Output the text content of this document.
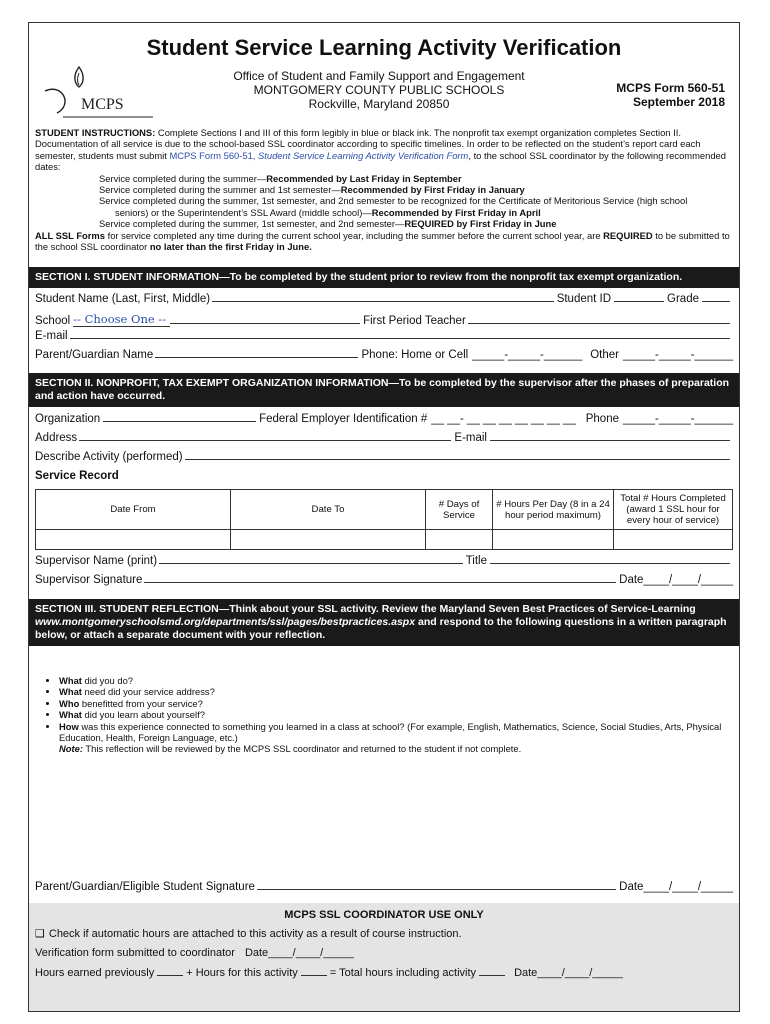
Student Service Learning Activity Verification
MCPS
Office of Student and Family Support and Engagement
MONTGOMERY COUNTY PUBLIC SCHOOLS
Rockville, Maryland 20850
MCPS Form 560-51
September 2018
STUDENT INSTRUCTIONS: Complete Sections I and III of this form legibly in blue or black ink. The nonprofit tax exempt organization completes Section II. Documentation of all service is due to the school-based SSL coordinator according to specific timelines. In order to be reflected on the student’s report card each semester, students must submit MCPS Form 560-51, Student Service Learning Activity Verification Form, to the school SSL coordinator by the following recommended dates:
Service completed during the summer—Recommended by Last Friday in September
Service completed during the summer and 1st semester—Recommended by First Friday in January
Service completed during the summer, 1st semester, and 2nd semester to be recognized for the Certificate of Meritorious Service (high school
seniors) or the Superintendent’s SSL Award (middle school)—Recommended by First Friday in April
Service completed during the summer, 1st semester, and 2nd semester—REQUIRED by First Friday in June
ALL SSL Forms for service completed any time during the current school year, including the summer before the current school year, are REQUIRED to be submitted to the school SSL coordinator no later than the first Friday in June.
SECTION I. STUDENT INFORMATION—To be completed by the student prior to review from the nonprofit tax exempt organization.
Student Name (Last, First, Middle)	Student ID	Grade
School -- Choose One --	First Period Teacher
E-mail
Parent/Guardian Name	Phone: Home or Cell _____-_____-______ Other _____-_____-______
SECTION II. NONPROFIT, TAX EXEMPT ORGANIZATION INFORMATION—To be completed by the supervisor after the phases of preparation and action have occurred.
Organization	Federal Employer Identification # __ __- __ __ __ __ __ __ __ Phone _____-_____-______
Address	E-mail
Describe Activity (performed)
Service Record
Date From	Date To	# Days of Service	# Hours Per Day (8 in a 24 hour period maximum)	Total # Hours Completed (award 1 SSL hour for every hour of service)

Supervisor Name (print)	Title
Supervisor Signature	Date ____/____/_____
SECTION III. STUDENT REFLECTION—Think about your SSL activity. Review the Maryland Seven Best Practices of Service-Learning www.montgomeryschoolsmd.org/departments/ssl/pages/bestpractices.aspx and respond to the following questions in a written paragraph below, or attach a separate document with your reflection.
• What did you do?
• What need did your service address?
• Who benefitted from your service?
• What did you learn about yourself?
• How was this experience connected to something you learned in a class at school? (For example, English, Mathematics, Science, Social Studies, Arts, Physical Education, Health, Foreign Language, etc.)
Note: This reflection will be reviewed by the MCPS SSL coordinator and returned to the student if not complete.
Parent/Guardian/Eligible Student Signature	Date ____/____/_____
MCPS SSL COORDINATOR USE ONLY
❑ Check if automatic hours are attached to this activity as a result of course instruction.
Verification form submitted to coordinator Date ____/____/_____
Hours earned previously	+ Hours for this activity	= Total hours including activity	Date ____/____/_____
